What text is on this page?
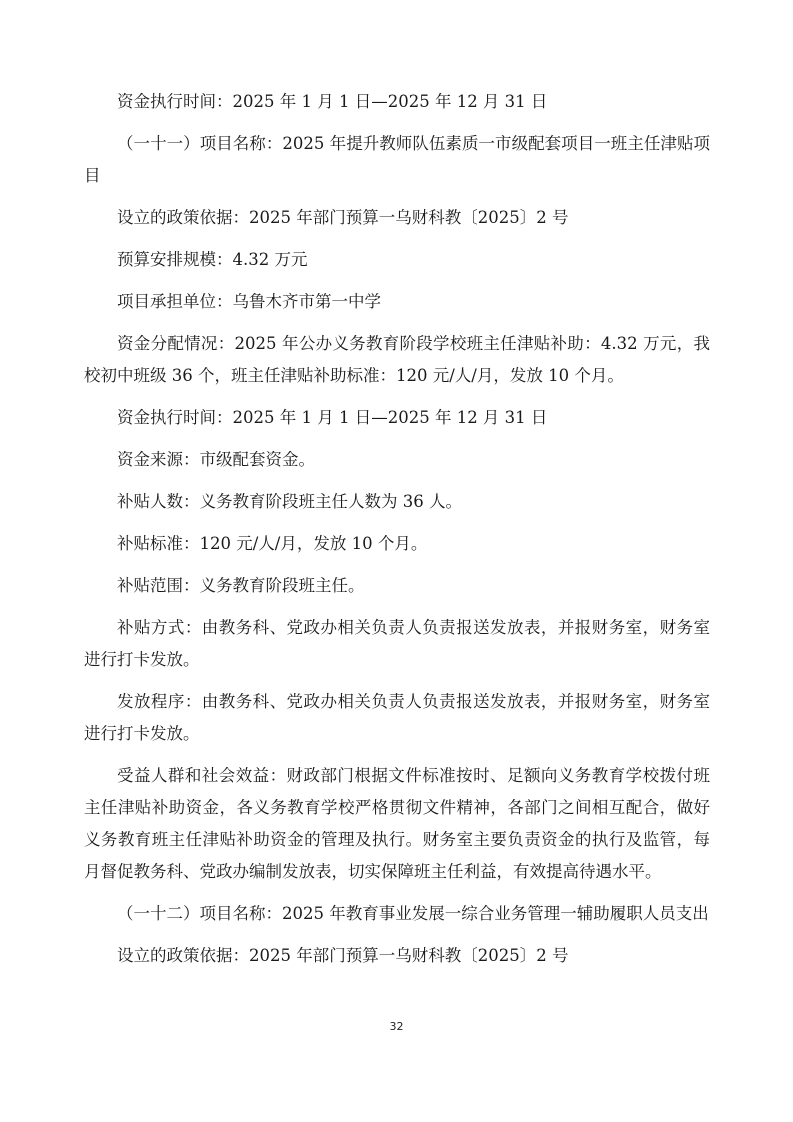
资金执行时间：2025 年 1 月 1 日—2025 年 12 月 31 日

（一十一）项目名称：2025 年提升教师队伍素质一市级配套项目一班主任津贴项目

设立的政策依据：2025 年部门预算一乌财科教〔2025〕2 号

预算安排规模：4.32 万元

项目承担单位：乌鲁木齐市第一中学

资金分配情况：2025 年公办义务教育阶段学校班主任津贴补助：4.32 万元，我校初中班级 36 个，班主任津贴补助标准：120 元/人/月，发放 10 个月。

资金执行时间：2025 年 1 月 1 日—2025 年 12 月 31 日

资金来源：市级配套资金。

补贴人数：义务教育阶段班主任人数为 36 人。

补贴标准：120 元/人/月，发放 10 个月。

补贴范围：义务教育阶段班主任。

补贴方式：由教务科、党政办相关负责人负责报送发放表，并报财务室，财务室进行打卡发放。

发放程序：由教务科、党政办相关负责人负责报送发放表，并报财务室，财务室进行打卡发放。

受益人群和社会效益：财政部门根据文件标准按时、足额向义务教育学校拨付班主任津贴补助资金，各义务教育学校严格贯彻文件精神，各部门之间相互配合，做好义务教育班主任津贴补助资金的管理及执行。财务室主要负责资金的执行及监管，每月督促教务科、党政办编制发放表，切实保障班主任利益，有效提高待遇水平。

（一十二）项目名称：2025 年教育事业发展一综合业务管理一辅助履职人员支出

设立的政策依据：2025 年部门预算一乌财科教〔2025〕2 号

32
